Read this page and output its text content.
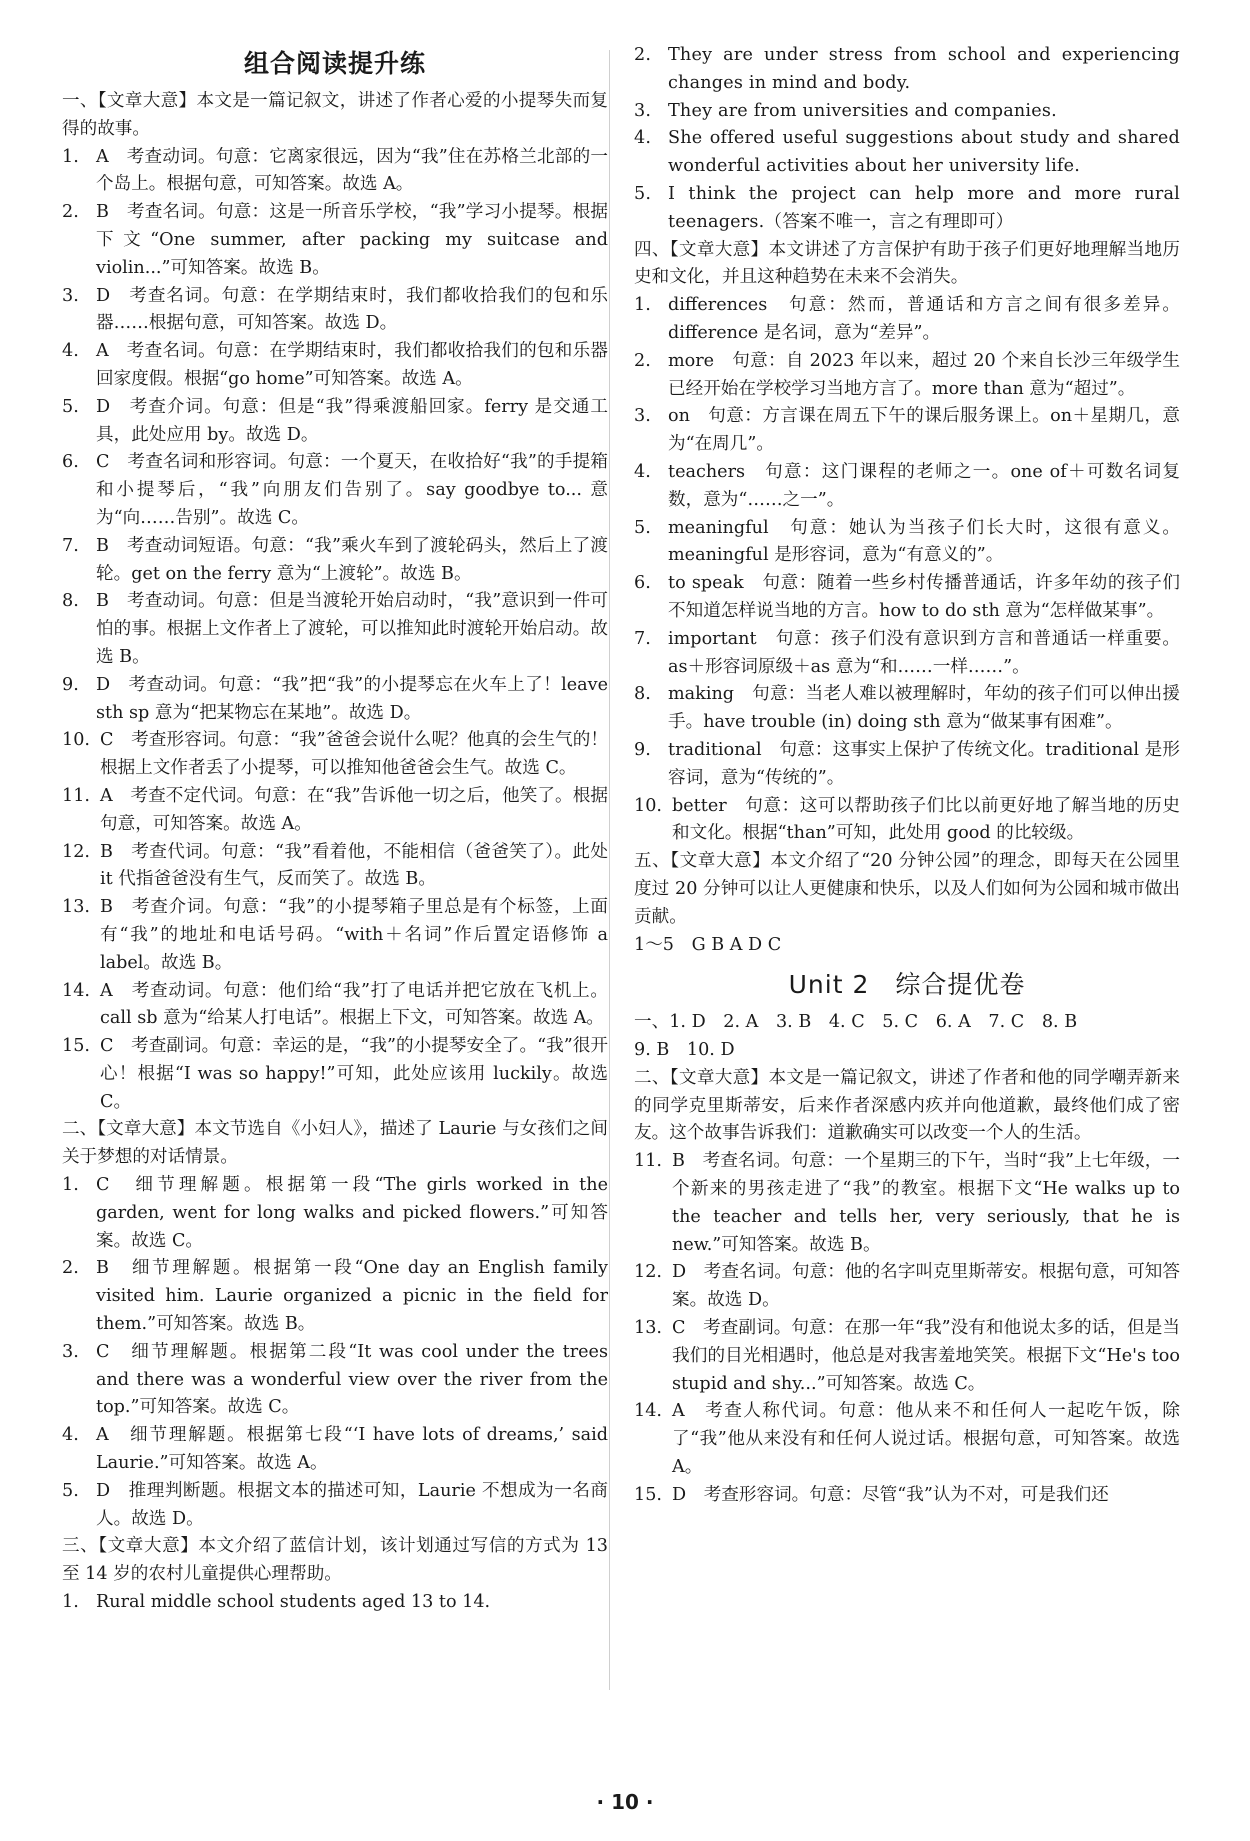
组合阅读提升练

一、【文章大意】本文是一篇记叙文，讲述了作者心爱的小提琴失而复得的故事。

1. A　考查动词。句意：它离家很远，因为“我”住在苏格兰北部的一个岛上。根据句意，可知答案。故选 A。

2. B　考查名词。句意：这是一所音乐学校，“我”学习小提琴。根据下文“One summer, after packing my suitcase and violin...”可知答案。故选 B。

3. D　考查名词。句意：在学期结束时，我们都收拾我们的包和乐器……根据句意，可知答案。故选 D。

4. A　考查名词。句意：在学期结束时，我们都收拾我们的包和乐器回家度假。根据“go home”可知答案。故选 A。

5. D　考查介词。句意：但是“我”得乘渡船回家。ferry 是交通工具，此处应用 by。故选 D。

6. C　考查名词和形容词。句意：一个夏天，在收拾好“我”的手提箱和小提琴后，“我”向朋友们告别了。say goodbye to... 意为“向……告别”。故选 C。

7. B　考查动词短语。句意：“我”乘火车到了渡轮码头，然后上了渡轮。get on the ferry 意为“上渡轮”。故选 B。

8. B　考查动词。句意：但是当渡轮开始启动时，“我”意识到一件可怕的事。根据上文作者上了渡轮，可以推知此时渡轮开始启动。故选 B。

9. D　考查动词。句意：“我”把“我”的小提琴忘在火车上了！leave sth sp 意为“把某物忘在某地”。故选 D。

10. C　考查形容词。句意：“我”爸爸会说什么呢？他真的会生气的！根据上文作者丢了小提琴，可以推知他爸爸会生气。故选 C。

11. A　考查不定代词。句意：在“我”告诉他一切之后，他笑了。根据句意，可知答案。故选 A。

12. B　考查代词。句意：“我”看着他，不能相信（爸爸笑了）。此处 it 代指爸爸没有生气，反而笑了。故选 B。

13. B　考查介词。句意：“我”的小提琴箱子里总是有个标签，上面有“我”的地址和电话号码。“with＋名词”作后置定语修饰 a label。故选 B。

14. A　考查动词。句意：他们给“我”打了电话并把它放在飞机上。call sb 意为“给某人打电话”。根据上下文，可知答案。故选 A。

15. C　考查副词。句意：幸运的是，“我”的小提琴安全了。“我”很开心！根据“I was so happy!”可知，此处应该用 luckily。故选 C。

二、【文章大意】本文节选自《小妇人》，描述了 Laurie 与女孩们之间关于梦想的对话情景。

1. C　细节理解题。根据第一段“The girls worked in the garden, went for long walks and picked flowers.”可知答案。故选 C。

2. B　细节理解题。根据第一段“One day an English family visited him. Laurie organized a picnic in the field for them.”可知答案。故选 B。

3. C　细节理解题。根据第二段“It was cool under the trees and there was a wonderful view over the river from the top.”可知答案。故选 C。

4. A　细节理解题。根据第七段“‘I have lots of dreams,’ said Laurie.”可知答案。故选 A。

5. D　推理判断题。根据文本的描述可知，Laurie 不想成为一名商人。故选 D。

三、【文章大意】本文介绍了蓝信计划，该计划通过写信的方式为 13 至 14 岁的农村儿童提供心理帮助。

1. Rural middle school students aged 13 to 14.

2. They are under stress from school and experiencing changes in mind and body.

3. They are from universities and companies.

4. She offered useful suggestions about study and shared wonderful activities about her university life.

5. I think the project can help more and more rural teenagers.（答案不唯一，言之有理即可）

四、【文章大意】本文讲述了方言保护有助于孩子们更好地理解当地历史和文化，并且这种趋势在未来不会消失。

1. differences　句意：然而，普通话和方言之间有很多差异。difference 是名词，意为“差异”。

2. more　句意：自 2023 年以来，超过 20 个来自长沙三年级学生已经开始在学校学习当地方言了。more than 意为“超过”。

3. on　句意：方言课在周五下午的课后服务课上。on＋星期几，意为“在周几”。

4. teachers　句意：这门课程的老师之一。one of＋可数名词复数，意为“……之一”。

5. meaningful　句意：她认为当孩子们长大时，这很有意义。meaningful 是形容词，意为“有意义的”。

6. to speak　句意：随着一些乡村传播普通话，许多年幼的孩子们不知道怎样说当地的方言。how to do sth 意为“怎样做某事”。

7. important　句意：孩子们没有意识到方言和普通话一样重要。as＋形容词原级＋as 意为“和……一样……”。

8. making　句意：当老人难以被理解时，年幼的孩子们可以伸出援手。have trouble (in) doing sth 意为“做某事有困难”。

9. traditional　句意：这事实上保护了传统文化。traditional 是形容词，意为“传统的”。

10. better　句意：这可以帮助孩子们比以前更好地了解当地的历史和文化。根据“than”可知，此处用 good 的比较级。

五、【文章大意】本文介绍了“20 分钟公园”的理念，即每天在公园里度过 20 分钟可以让人更健康和快乐，以及人们如何为公园和城市做出贡献。

1～5　G B A D C

Unit 2　综合提优卷

一、1. D　2. A　3. B　4. C　5. C　6. A　7. C　8. B

9. B　10. D

二、【文章大意】本文是一篇记叙文，讲述了作者和他的同学嘲弄新来的同学克里斯蒂安，后来作者深感内疚并向他道歉，最终他们成了密友。这个故事告诉我们：道歉确实可以改变一个人的生活。

11. B　考查名词。句意：一个星期三的下午，当时“我”上七年级，一个新来的男孩走进了“我”的教室。根据下文“He walks up to the teacher and tells her, very seriously, that he is new.”可知答案。故选 B。

12. D　考查名词。句意：他的名字叫克里斯蒂安。根据句意，可知答案。故选 D。

13. C　考查副词。句意：在那一年“我”没有和他说太多的话，但是当我们的目光相遇时，他总是对我害羞地笑笑。根据下文“He's too stupid and shy...”可知答案。故选 C。

14. A　考查人称代词。句意：他从来不和任何人一起吃午饭，除了“我”他从来没有和任何人说过话。根据句意，可知答案。故选 A。

15. D　考查形容词。句意：尽管“我”认为不对，可是我们还

· 10 ·
